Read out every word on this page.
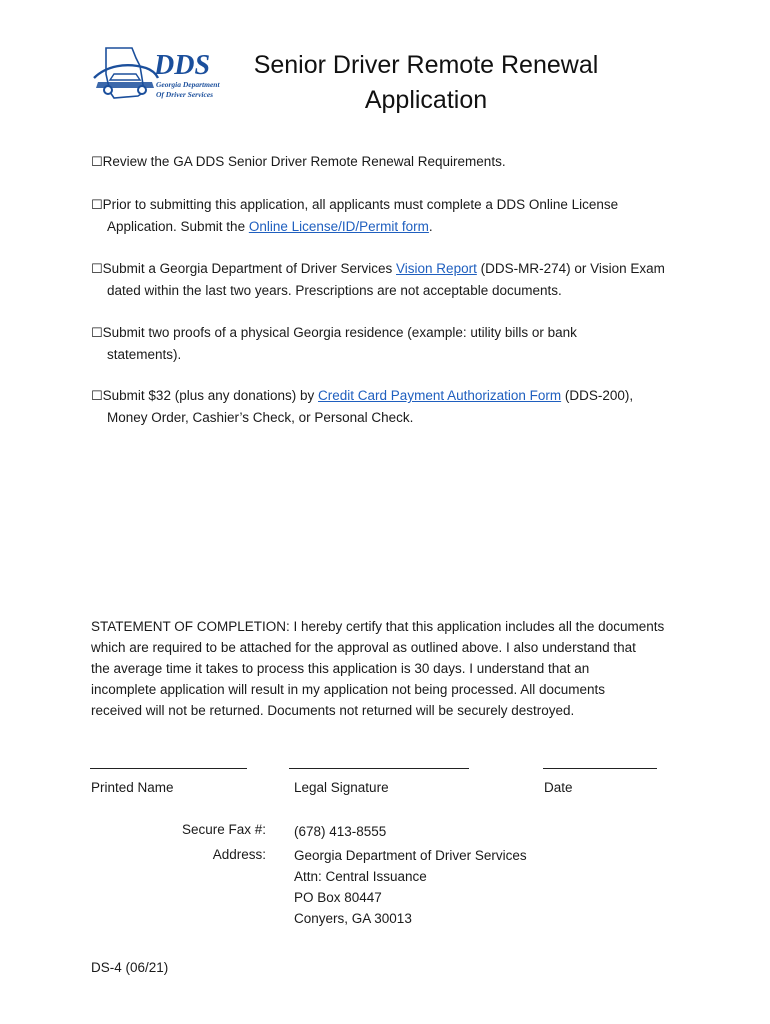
DDS
Georgia Department
Of Driver Services
Senior Driver Remote Renewal
Application
☐Review the GA DDS Senior Driver Remote Renewal Requirements.
☐Prior to submitting this application, all applicants must complete a DDS Online License
Application. Submit the Online License/ID/Permit form.
☐Submit a Georgia Department of Driver Services Vision Report (DDS-MR-274) or Vision Exam
dated within the last two years. Prescriptions are not acceptable documents.
☐Submit two proofs of a physical Georgia residence (example: utility bills or bank
statements).
☐Submit $32 (plus any donations) by Credit Card Payment Authorization Form (DDS-200),
Money Order, Cashier’s Check, or Personal Check.
STATEMENT OF COMPLETION: I hereby certify that this application includes all the documents
which are required to be attached for the approval as outlined above. I also understand that
the average time it takes to process this application is 30 days. I understand that an
incomplete application will result in my application not being processed. All documents
received will not be returned. Documents not returned will be securely destroyed.
Printed Name	Legal Signature	Date
Secure Fax #: (678) 413-8555
Address: Georgia Department of Driver Services
Attn: Central Issuance
PO Box 80447
Conyers, GA 30013
DS-4 (06/21)
